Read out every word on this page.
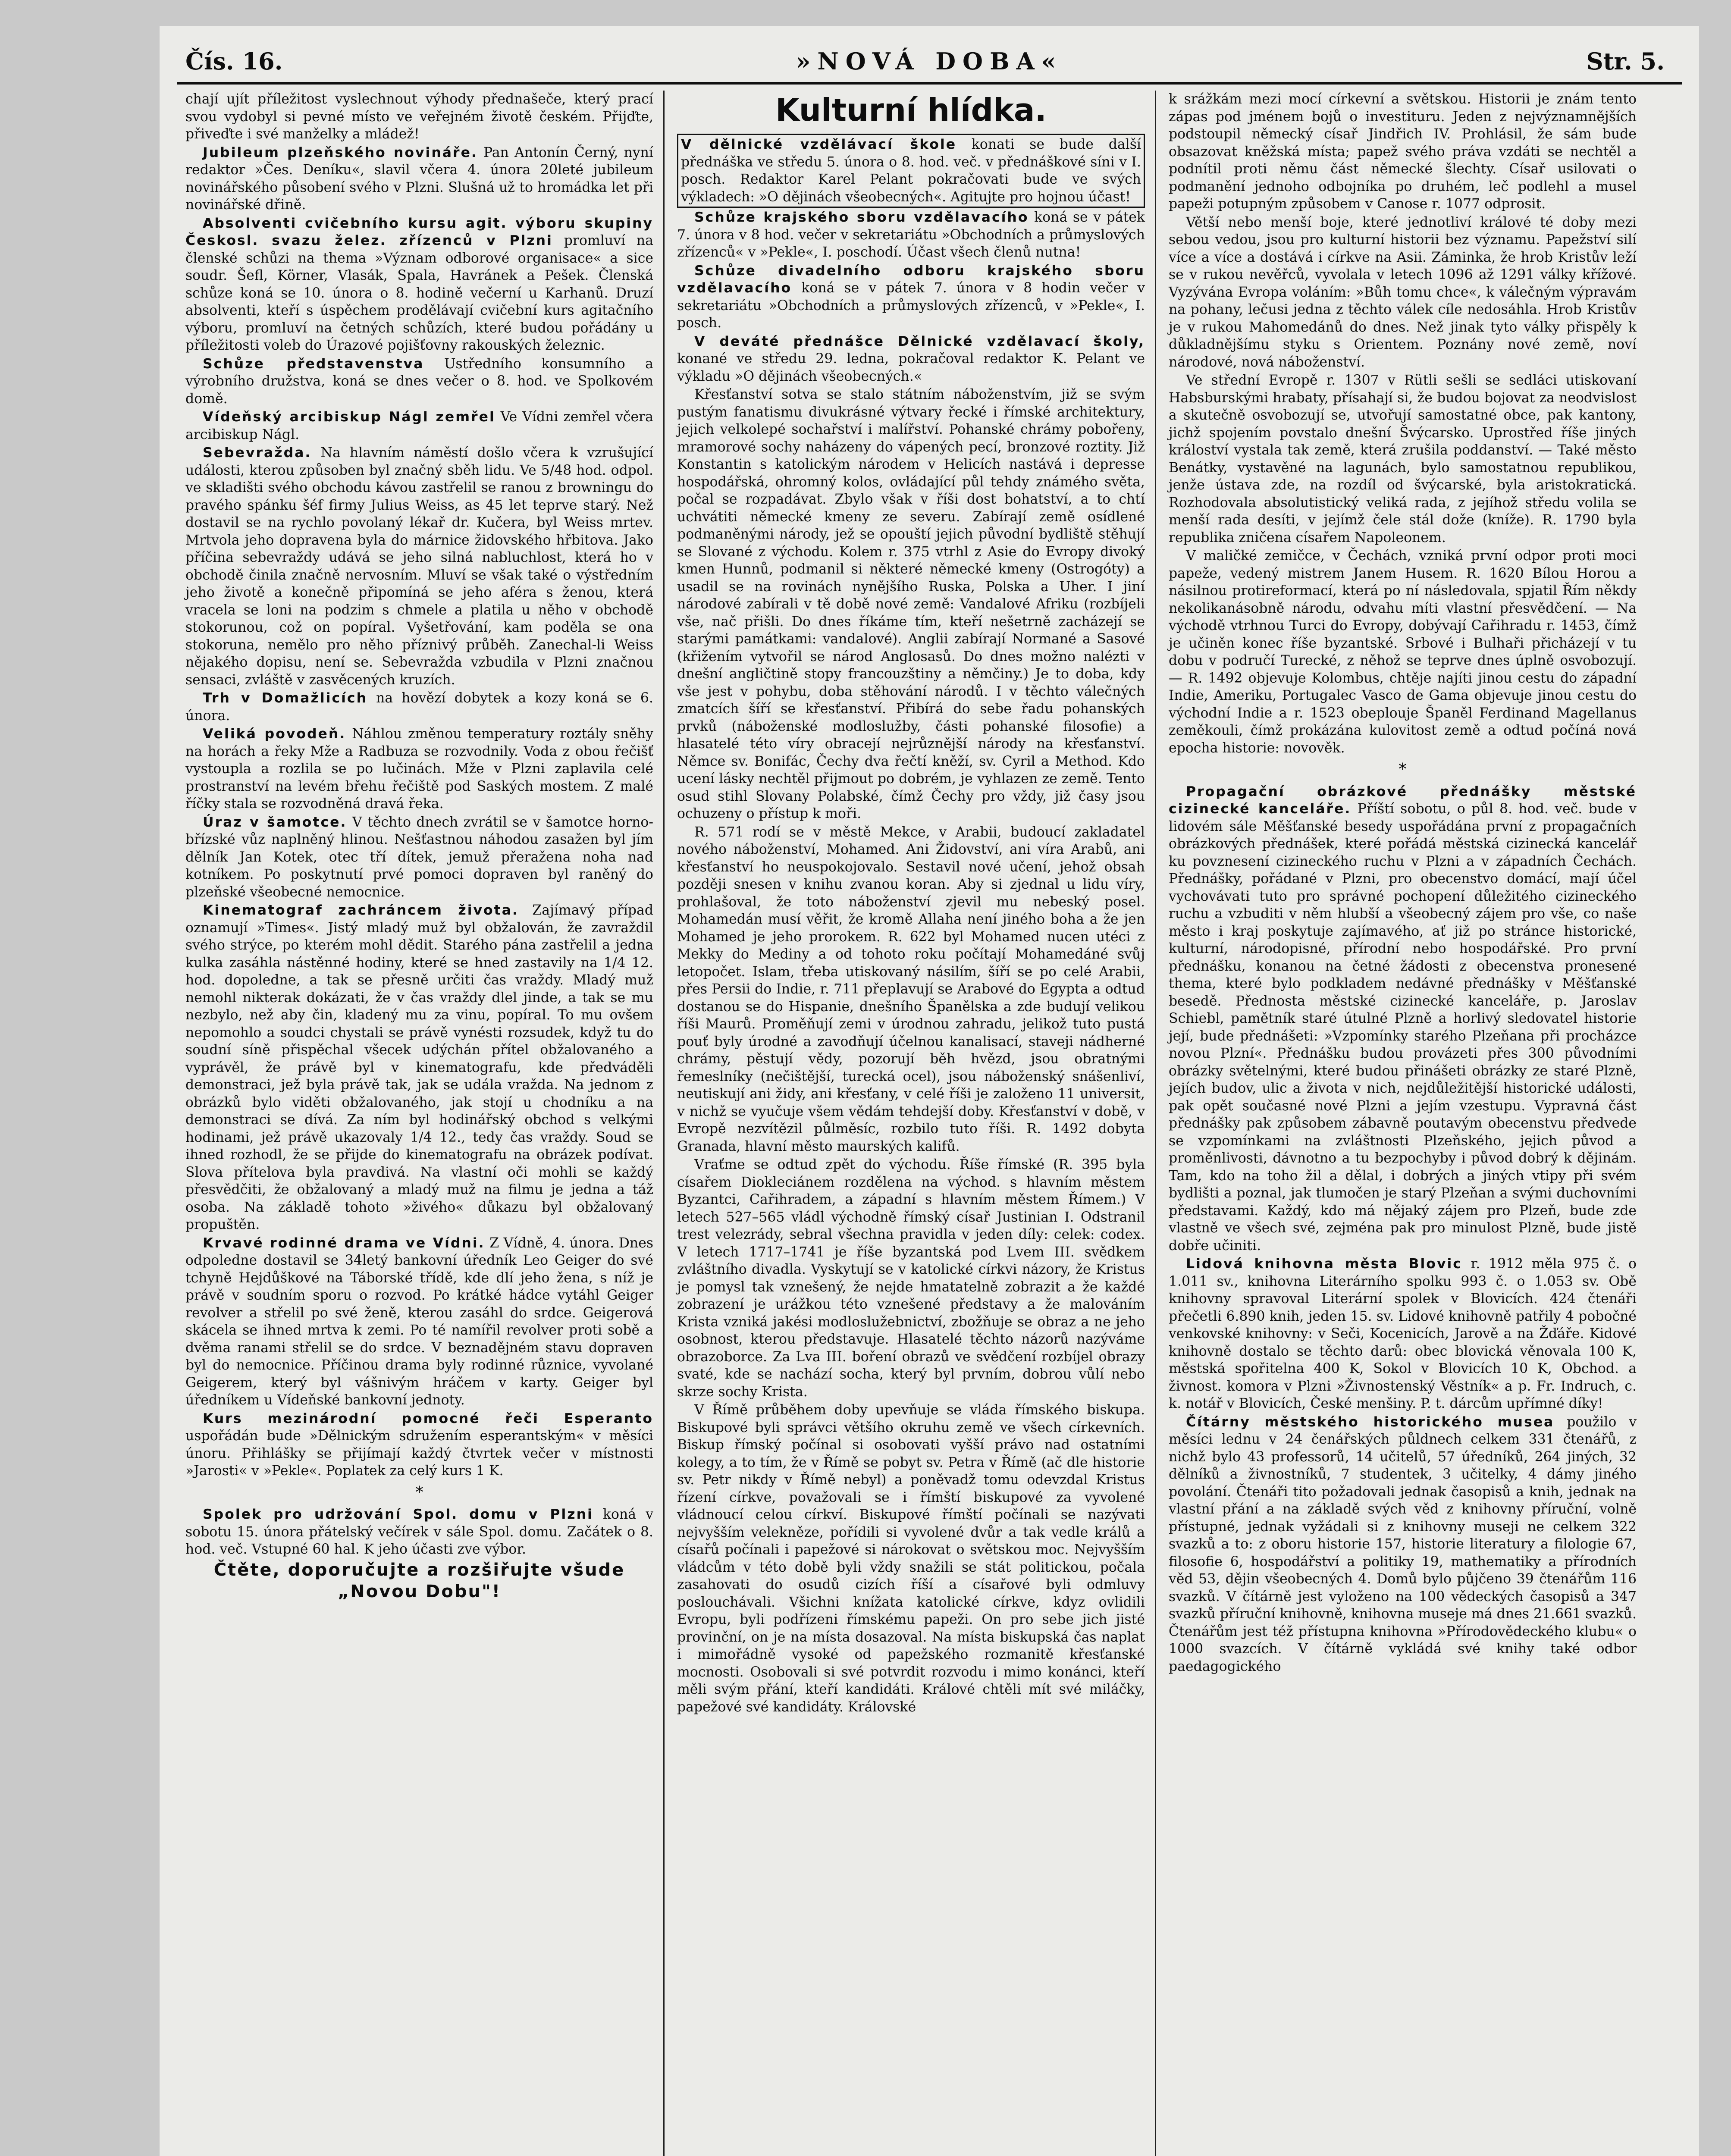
Čís. 16.	»NOVÁ DOBA«	Str. 5.

chají ujít příležitost vyslechnout výhody přednašeče, který prací svou vydobyl si pevné místo ve veřejném životě českém. Přijďte, přiveďte i své manželky a mládež!

Jubileum plzeňského novináře. Pan Antonín Černý, nyní redaktor »Čes. Deníku«, slavil včera 4. února 20leté jubileum novinářského působení svého v Plzni. Slušná už to hromádka let při novinářské dřině.

Absolventi cvičebního kursu agit. výboru skupiny Českosl. svazu želez. zřízenců v Plzni promluví na členské schůzi na thema »Význam odborové organisace« a sice soudr. Šefl, Körner, Vlasák, Spala, Havránek a Pešek. Členská schůze koná se 10. února o 8. hodině večerní u Karhanů. Druzí absolventi, kteří s úspěchem prodělávají cvičební kurs agitačního výboru, promluví na četných schůzích, které budou pořádány u příležitosti voleb do Úrazové pojišťovny rakouských železnic.

Schůze představenstva Ustředního konsumního a výrobního družstva, koná se dnes večer o 8. hod. ve Spolkovém domě.

Vídeňský arcibiskup Nágl zemřel Ve Vídni zemřel včera arcibiskup Nágl.

Sebevražda. Na hlavním náměstí došlo včera k vzrušující události, kterou způsoben byl značný sběh lidu. Ve 5/48 hod. odpol. ve skladišti svého obchodu kávou zastřelil se ranou z browningu do pravého spánku šéf firmy Julius Weiss, as 45 let teprve starý. Než dostavil se na rychlo povolaný lékař dr. Kučera, byl Weiss mrtev. Mrtvola jeho dopravena byla do márnice židovského hřbitova. Jako příčina sebevraždy udává se jeho silná nabluchlost, která ho v obchodě činila značně nervosním. Mluví se však také o výstředním jeho životě a konečně připomíná se jeho aféra s ženou, která vracela se loni na podzim s chmele a platila u něho v obchodě stokorunou, což on popíral. Vyšetřování, kam poděla se ona stokoruna, nemělo pro něho příznivý průběh. Zanechal-li Weiss nějakého dopisu, není se. Sebevražda vzbudila v Plzni značnou sensaci, zvláště v zasvěcených kruzích.

Trh v Domažlicích na hovězí dobytek a kozy koná se 6. února.

Veliká povodeň. Náhlou změnou temperatury roztály sněhy na horách a řeky Mže a Radbuza se rozvodnily. Voda z obou řečišť vystoupla a rozlila se po lučinách. Mže v Plzni zaplavila celé prostranství na levém břehu řečiště pod Saských mostem. Z malé říčky stala se rozvodněná dravá řeka.

Úraz v šamotce. V těchto dnech zvrátil se v šamotce horno-břízské vůz naplněný hlinou. Nešťastnou náhodou zasažen byl jím dělník Jan Kotek, otec tří dítek, jemuž přeražena noha nad kotníkem. Po poskytnutí prvé pomoci dopraven byl raněný do plzeňské všeobecné nemocnice.

Kinematograf zachráncem života. Zajímavý případ oznamují »Times«. Jistý mladý muž byl obžalován, že zavraždil svého strýce, po kterém mohl dědit. Starého pána zastřelil a jedna kulka zasáhla nástěnné hodiny, které se hned zastavily na 1/4 12. hod. dopoledne, a tak se přesně určiti čas vraždy. Mladý muž nemohl nikterak dokázati, že v čas vraždy dlel jinde, a tak se mu nezbylo, než aby čin, kladený mu za vinu, popíral. To mu ovšem nepomohlo a soudci chystali se právě vynésti rozsudek, když tu do soudní síně přispěchal všecek udýchán přítel obžalovaného a vyprávěl, že právě byl v kinematografu, kde předváděli demonstraci, jež byla právě tak, jak se udála vražda. Na jednom z obrázků bylo viděti obžalovaného, jak stojí u chodníku a na demonstraci se dívá. Za ním byl hodinářský obchod s velkými hodinami, jež právě ukazovaly 1/4 12., tedy čas vraždy. Soud se ihned rozhodl, že se přijde do kinematografu na obrázek podívat. Slova přítelova byla pravdivá. Na vlastní oči mohli se každý přesvědčiti, že obžalovaný a mladý muž na filmu je jedna a táž osoba. Na základě tohoto »živého« důkazu byl obžalovaný propuštěn.

Krvavé rodinné drama ve Vídni. Z Vídně, 4. února. Dnes odpoledne dostavil se 34letý bankovní úředník Leo Geiger do své tchyně Hejdůškové na Táborské třídě, kde dlí jeho žena, s níž je právě v soudním sporu o rozvod. Po krátké hádce vytáhl Geiger revolver a střelil po své ženě, kterou zasáhl do srdce. Geigerová skácela se ihned mrtva k zemi. Po té namířil revolver proti sobě a dvěma ranami střelil se do srdce. V beznadějném stavu dopraven byl do nemocnice. Příčinou drama byly rodinné různice, vyvolané Geigerem, který byl vášnivým hráčem v karty. Geiger byl úředníkem u Vídeňské bankovní jednoty.

Kurs mezinárodní pomocné řeči Esperanto uspořádán bude »Dělnickým sdružením esperantským« v měsíci únoru. Přihlášky se přijímají každý čtvrtek večer v místnosti »Jarosti« v »Pekle«. Poplatek za celý kurs 1 K.

*

Spolek pro udržování Spol. domu v Plzni koná v sobotu 15. února přátelský večírek v sále Spol. domu. Začátek o 8. hod. več. Vstupné 60 hal. K jeho účasti zve výbor.

Čtěte, doporučujte a rozšiřujte všude „Novou Dobu"!

Kulturní hlídka.

V dělnické vzdělávací škole konati se bude další přednáška ve středu 5. února o 8. hod. več. v přednáškové síni v I. posch. Redaktor Karel Pelant pokračovati bude ve svých výkladech: »O dějinách všeobecných«. Agitujte pro hojnou účast!

Schůze krajského sboru vzdělavacího koná se v pátek 7. února v 8 hod. večer v sekretariátu »Obchodních a průmyslových zřízenců« v »Pekle«, I. poschodí. Účast všech členů nutna!

Schůze divadelního odboru krajského sboru vzdělavacího koná se v pátek 7. února v 8 hodin večer v sekretariátu »Obchodních a průmyslových zřízenců, v »Pekle«, I. posch.

V deváté přednášce Dělnické vzdělavací školy, konané ve středu 29. ledna, pokračoval redaktor K. Pelant ve výkladu »O dějinách všeobecných.«

Křesťanství sotva se stalo státním náboženstvím, již se svým pustým fanatismu divukrásné výtvary řecké i římské architektury, jejich velkolepé sochařství i malířství. Pohanské chrámy pobořeny, mramorové sochy naházeny do vápených pecí, bronzové roztity. Již Konstantin s katolickým národem v Helicích nastává i depresse hospodářská, ohromný kolos, ovládající půl tehdy známého světa, počal se rozpadávat. Zbylo však v říši dost bohatství, a to chtí uchvátiti německé kmeny ze severu. Zabírají země osídlené podmaněnými národy, jež se opouští jejich původní bydliště stěhují se Slované z východu. Kolem r. 375 vtrhl z Asie do Evropy divoký kmen Hunnů, podmanil si některé německé kmeny (Ostrogóty) a usadil se na rovinách nynějšího Ruska, Polska a Uher. I jiní národové zabírali v tě době nové země: Vandalové Afriku (rozbíjeli vše, nač přišli. Do dnes říkáme tím, kteří nešetrně zacházejí se starými památkami: vandalové). Anglii zabírají Normané a Sasové (křižením vytvořil se národ Anglosasů. Do dnes možno nalézti v dnešní angličtině stopy francouzštiny a němčiny.) Je to doba, kdy vše jest v pohybu, doba stěhování národů. I v těchto válečných zmatcích šíří se křesťanství. Přibírá do sebe řadu pohanských prvků (náboženské modloslužby, části pohanské filosofie) a hlasatelé této víry obracejí nejrůznější národy na křesťanství. Němce sv. Bonifác, Čechy dva řečtí kněží, sv. Cyril a Method. Kdo ucení lásky nechtěl přijmout po dobrém, je vyhlazen ze země. Tento osud stihl Slovany Polabské, čímž Čechy pro vždy, již časy jsou ochuzeny o přístup k moři.

R. 571 rodí se v městě Mekce, v Arabii, budoucí zakladatel nového náboženství, Mohamed. Ani Židovství, ani víra Arabů, ani křesťanství ho neuspokojovalo. Sestavil nové učení, jehož obsah později snesen v knihu zvanou koran. Aby si zjednal u lidu víry, prohlašoval, že toto náboženství zjevil mu nebeský posel. Mohamedán musí věřit, že kromě Allaha není jiného boha a že jen Mohamed je jeho prorokem. R. 622 byl Mohamed nucen utéci z Mekky do Mediny a od tohoto roku počítají Mohamedáné svůj letopočet. Islam, třeba utiskovaný násilím, šíří se po celé Arabii, přes Persii do Indie, r. 711 přeplavují se Arabové do Egypta a odtud dostanou se do Hispanie, dnešního Španělska a zde budují velikou říši Maurů. Proměňují zemi v úrodnou zahradu, jelikož tuto pustá pouť byly úrodné a zavodňují účelnou kanalisací, staveji nádherné chrámy, pěstují vědy, pozorují běh hvězd, jsou obratnými řemeslníky (nečištější, turecká ocel), jsou náboženský snášenliví, neutiskují ani židy, ani křesťany, v celé říši je založeno 11 universit, v nichž se vyučuje všem vědám tehdejší doby. Křesťanství v době, v Evropě nezvítězil půlměsíc, rozbilo tuto říši. R. 1492 dobyta Granada, hlavní město maurských kalifů.

Vraťme se odtud zpět do východu. Říše římské (R. 395 byla císařem Diokleciánem rozdělena na východ. s hlavním městem Byzantci, Cařihradem, a západní s hlavním městem Římem.) V letech 527–565 vládl východně římský císař Justinian I. Odstranil trest velezrády, sebral všechna pravidla v jeden díly: celek: codex. V letech 1717–1741 je říše byzantská pod Lvem III. svědkem zvláštního divadla. Vyskytují se v katolické církvi názory, že Kristus je pomysl tak vznešený, že nejde hmatatelně zobrazit a že každé zobrazení je urážkou této vznešené představy a že malováním Krista vzniká jakési modloslužebnictví, zbožňuje se obraz a ne jeho osobnost, kterou představuje. Hlasatelé těchto názorů nazýváme obrazoborce. Za Lva III. boření obrazů ve svědčení rozbíjel obrazy svaté, kde se nachází socha, který byl prvním, dobrou vůlí nebo skrze sochy Krista.

V Římě průběhem doby upevňuje se vláda římského biskupa. Biskupové byli správci většího okruhu země ve všech církevních. Biskup římský počínal si osobovati vyšší právo nad ostatními kolegy, a to tím, že v Římě se pobyt sv. Petra v Římě (ač dle historie sv. Petr nikdy v Římě nebyl) a poněvadž tomu odevzdal Kristus řízení církve, považovali se i římští biskupové za vyvolené vládnoucí celou církví. Biskupové římští počínali se nazývati nejvyšším velekněze, pořídili si vyvolené dvůr a tak vedle králů a císařů počínali i papežové si nárokovat o světskou moc. Nejvyšším vládcům v této době byli vždy snažili se stát politickou, počala zasahovati do osudů cizích říší a císařové byli odmluvy poslouchávali. Všichni knížata katolické církve, kdyz ovlidili Evropu, byli podřízeni římskému papeži. On pro sebe jich jisté provinční, on je na místa dosazoval. Na místa biskupská čas naplat i mimořádně vysoké od papežského rozmanitě křesťanské mocnosti. Osobovali si své potvrdit rozvodu i mimo konánci, kteří měli svým přání, kteří kandidáti. Králové chtěli mít své miláčky, papežové své kandidáty. Královské

k srážkám mezi mocí církevní a světskou. Historii je znám tento zápas pod jménem bojů o investituru. Jeden z nejvýznamnějších podstoupil německý císař Jindřich IV. Prohlásil, že sám bude obsazovat kněžská místa; papež svého práva vzdáti se nechtěl a podnítil proti němu část německé šlechty. Císař usilovati o podmanění jednoho odbojníka po druhém, leč podlehl a musel papeži potupným způsobem v Canose r. 1077 odprosit.

Větší nebo menší boje, které jednotliví králové té doby mezi sebou vedou, jsou pro kulturní historii bez významu. Papežství silí více a více a dostává i církve na Asii. Záminka, že hrob Kristův leží se v rukou nevěřců, vyvolala v letech 1096 až 1291 války křížové. Vyzývána Evropa voláním: »Bůh tomu chce«, k válečným výpravám na pohany, lečusi jedna z těchto válek cíle nedosáhla. Hrob Kristův je v rukou Mahomedánů do dnes. Než jinak tyto války přispěly k důkladnějšímu styku s Orientem. Poznány nové země, noví národové, nová náboženství.

Ve střední Evropě r. 1307 v Rütli sešli se sedláci utiskovaní Habsburskými hrabaty, přísahají si, že budou bojovat za neodvislost a skutečně osvobozují se, utvořují samostatné obce, pak kantony, jichž spojením povstalo dnešní Švýcarsko. Uprostřed říše jiných králoství vystala tak země, která zrušila poddanství. — Také město Benátky, vystavěné na lagunách, bylo samostatnou republikou, jenže ústava zde, na rozdíl od švýcarské, byla aristokratická. Rozhodovala absolutistický veliká rada, z jejíhož středu volila se menší rada desíti, v jejímž čele stál dože (kníže). R. 1790 byla republika zničena císařem Napoleonem.

V maličké zemičce, v Čechách, vzniká první odpor proti moci papeže, vedený mistrem Janem Husem. R. 1620 Bílou Horou a násilnou protireformací, která po ní následovala, spjatil Řím někdy nekolikanásobně národu, odvahu míti vlastní přesvědčení. — Na východě vtrhnou Turci do Evropy, dobývají Cařihradu r. 1453, čímž je učiněn konec říše byzantské. Srbové i Bulhaři přicházejí v tu dobu v područí Turecké, z něhož se teprve dnes úplně osvobozují. — R. 1492 objevuje Kolombus, chtěje najíti jinou cestu do západní Indie, Ameriku, Portugalec Vasco de Gama objevuje jinou cestu do východní Indie a r. 1523 obeplouje Španěl Ferdinand Magellanus zeměkouli, čímž prokázána kulovitost země a odtud počíná nová epocha historie: novověk.

*

Propagační obrázkové přednášky městské cizinecké kanceláře. Příští sobotu, o půl 8. hod. več. bude v lidovém sále Měšťanské besedy uspořádána první z propagačních obrázkových přednášek, které pořádá městská cizinecká kancelář ku povznesení cizineckého ruchu v Plzni a v západních Čechách. Přednášky, pořádané v Plzni, pro obecenstvo domácí, mají účel vychovávati tuto pro správné pochopení důležitého cizineckého ruchu a vzbuditi v něm hlubší a všeobecný zájem pro vše, co naše město i kraj poskytuje zajímavého, ať již po stránce historické, kulturní, národopisné, přírodní nebo hospodářské. Pro první přednášku, konanou na četné žádosti z obecenstva pronesené thema, které bylo podkladem nedávné přednášky v Měšťanské besedě. Přednosta městské cizinecké kanceláře, p. Jaroslav Schiebl, pamětník staré útulné Plzně a horlivý sledovatel historie její, bude přednášeti: »Vzpomínky starého Plzeňana při procházce novou Plzní«. Přednášku budou provázeti přes 300 původními obrázky světelnými, které budou přinášeti obrázky ze staré Plzně, jejích budov, ulic a života v nich, nejdůležitější historické události, pak opět současné nové Plzni a jejím vzestupu. Vypravná část přednášky pak způsobem zábavně poutavým obecenstvu předvede se vzpomínkami na zvláštnosti Plzeňského, jejich původ a proměnlivosti, dávnotno a tu bezpochyby i původ dobrý k dějinám. Tam, kdo na toho žil a dělal, i dobrých a jiných vtipy při svém bydlišti a poznal, jak tlumočen je starý Plzeňan a svými duchovními představami. Každý, kdo má nějaký zájem pro Plzeň, bude zde vlastně ve všech své, zejména pak pro minulost Plzně, bude jistě dobře učiniti.

Lidová knihovna města Blovic r. 1912 měla 975 č. o 1.011 sv., knihovna Literárního spolku 993 č. o 1.053 sv. Obě knihovny spravoval Literární spolek v Blovicích. 424 čtenáři přečetli 6.890 knih, jeden 15. sv. Lidové knihovně patřily 4 pobočné venkovské knihovny: v Seči, Kocenicích, Jarově a na Žďáře. Kidové knihovně dostalo se těchto darů: obec blovická věnovala 100 K, městská spořitelna 400 K, Sokol v Blovicích 10 K, Obchod. a živnost. komora v Plzni »Živnostenský Věstník« a p. Fr. Indruch, c. k. notář v Blovicích, České menšiny. P. t. dárcům upřímné díky!

Čítárny městského historického musea použilo v měsíci lednu v 24 čenářských půldnech celkem 331 čtenářů, z nichž bylo 43 professorů, 14 učitelů, 57 úředníků, 264 jiných, 32 dělníků a živnostníků, 7 studentek, 3 učitelky, 4 dámy jiného povolání. Čtenáři tito požadovali jednak časopisů a knih, jednak na vlastní přání a na základě svých věd z knihovny příruční, volně přístupné, jednak vyžádali si z knihovny museji ne celkem 322 svazků a to: z oboru historie 157, historie literatury a filologie 67, filosofie 6, hospodářství a politiky 19, mathematiky a přírodních věd 53, dějin všeobecných 4. Domů bylo půjčeno 39 čtenářům 116 svazků. V čítárně jest vyloženo na 100 vědeckých časopisů a 347 svazků příruční knihovně, knihovna museje má dnes 21.661 svazků. Čtenářům jest též přístupna knihovna »Přírodovědeckého klubu« o 1000 svazcích. V čítárně vykládá své knihy také odbor paedagogického
